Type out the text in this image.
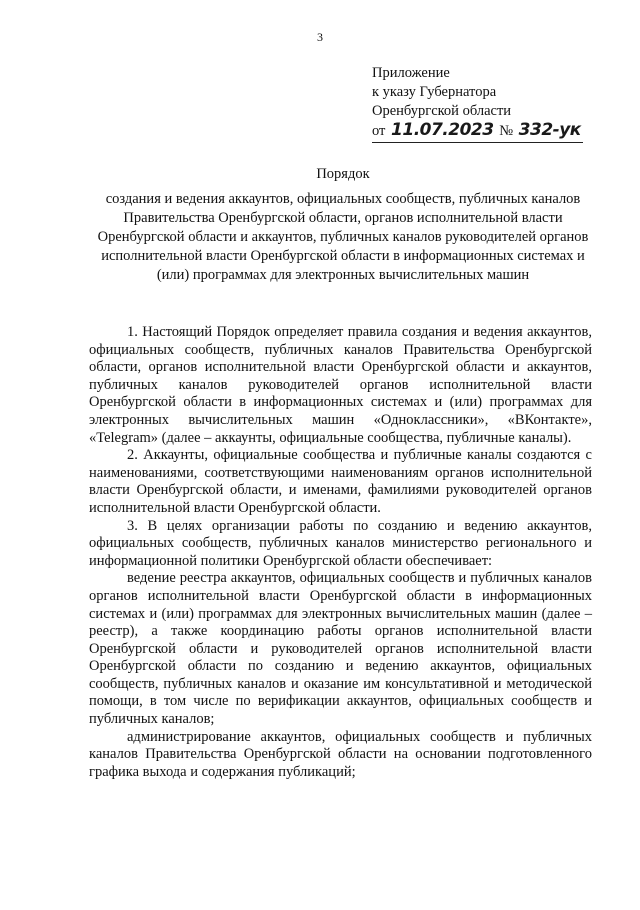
3
Приложение
к указу Губернатора
Оренбургской области
от 11.07.2023 № 332-ук
Порядок
создания и ведения аккаунтов, официальных сообществ, публичных каналов Правительства Оренбургской области, органов исполнительной власти Оренбургской области и аккаунтов, публичных каналов руководителей органов исполнительной власти Оренбургской области в информационных системах и (или) программах для электронных вычислительных машин

1. Настоящий Порядок определяет правила создания и ведения аккаунтов, официальных сообществ, публичных каналов Правительства Оренбургской области, органов исполнительной власти Оренбургской области и аккаунтов, публичных каналов руководителей органов исполнительной власти Оренбургской области в информационных системах и (или) программах для электронных вычислительных машин «Одноклассники», «ВКонтакте», «Telegram» (далее – аккаунты, официальные сообщества, публичные каналы).

2. Аккаунты, официальные сообщества и публичные каналы создаются с наименованиями, соответствующими наименованиям органов исполнительной власти Оренбургской области, и именами, фамилиями руководителей органов исполнительной власти Оренбургской области.

3. В целях организации работы по созданию и ведению аккаунтов, официальных сообществ, публичных каналов министерство регионального и информационной политики Оренбургской области обеспечивает:

ведение реестра аккаунтов, официальных сообществ и публичных каналов органов исполнительной власти Оренбургской области в информационных системах и (или) программах для электронных вычислительных машин (далее – реестр), а также координацию работы органов исполнительной власти Оренбургской области и руководителей органов исполнительной власти Оренбургской области по созданию и ведению аккаунтов, официальных сообществ, публичных каналов и оказание им консультативной и методической помощи, в том числе по верификации аккаунтов, официальных сообществ и публичных каналов;

администрирование аккаунтов, официальных сообществ и публичных каналов Правительства Оренбургской области на основании подготовленного графика выхода и содержания публикаций;
